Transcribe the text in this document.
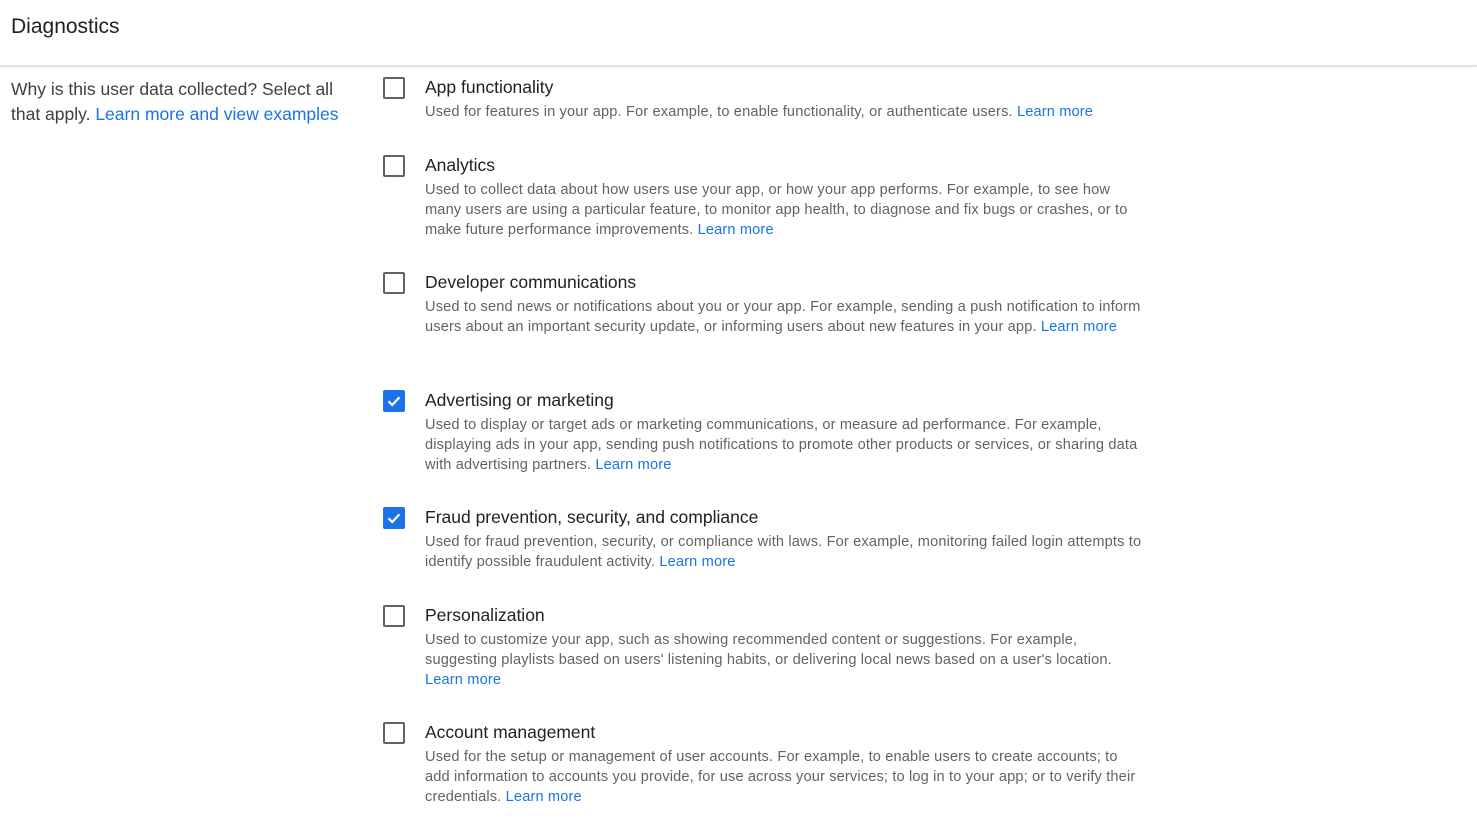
Diagnostics
Why is this user data collected? Select all that apply. Learn more and view examples
App functionality
Used for features in your app. For example, to enable functionality, or authenticate users. Learn more
Analytics
Used to collect data about how users use your app, or how your app performs. For example, to see how many users are using a particular feature, to monitor app health, to diagnose and fix bugs or crashes, or to make future performance improvements. Learn more
Developer communications
Used to send news or notifications about you or your app. For example, sending a push notification to inform users about an important security update, or informing users about new features in your app. Learn more
Advertising or marketing
Used to display or target ads or marketing communications, or measure ad performance. For example, displaying ads in your app, sending push notifications to promote other products or services, or sharing data with advertising partners. Learn more
Fraud prevention, security, and compliance
Used for fraud prevention, security, or compliance with laws. For example, monitoring failed login attempts to identify possible fraudulent activity. Learn more
Personalization
Used to customize your app, such as showing recommended content or suggestions. For example, suggesting playlists based on users' listening habits, or delivering local news based on a user's location. Learn more
Account management
Used for the setup or management of user accounts. For example, to enable users to create accounts; to add information to accounts you provide, for use across your services; to log in to your app; or to verify their credentials. Learn more
